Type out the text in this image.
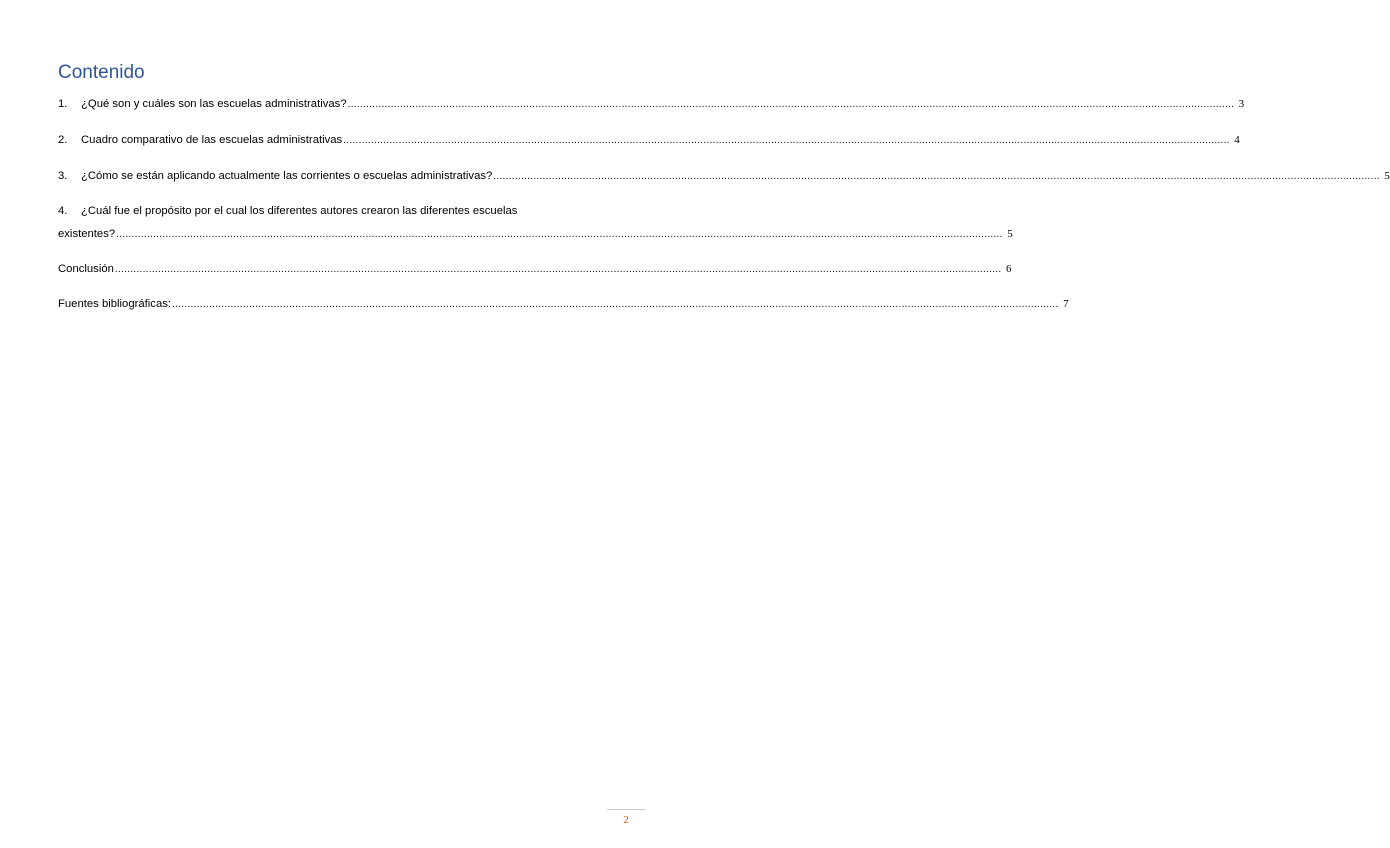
Contenido
1.	¿Qué son y cuáles son las escuelas administrativas? .....	3
2.	Cuadro comparativo de las escuelas administrativas .....	4
3.	¿Cómo se están aplicando actualmente las corrientes o escuelas administrativas? .....	5
4. ¿Cuál fue el propósito por el cual los diferentes autores crearon las diferentes escuelas
existentes? .....	5
Conclusión .....	6
Fuentes bibliográficas: .....	7
2
